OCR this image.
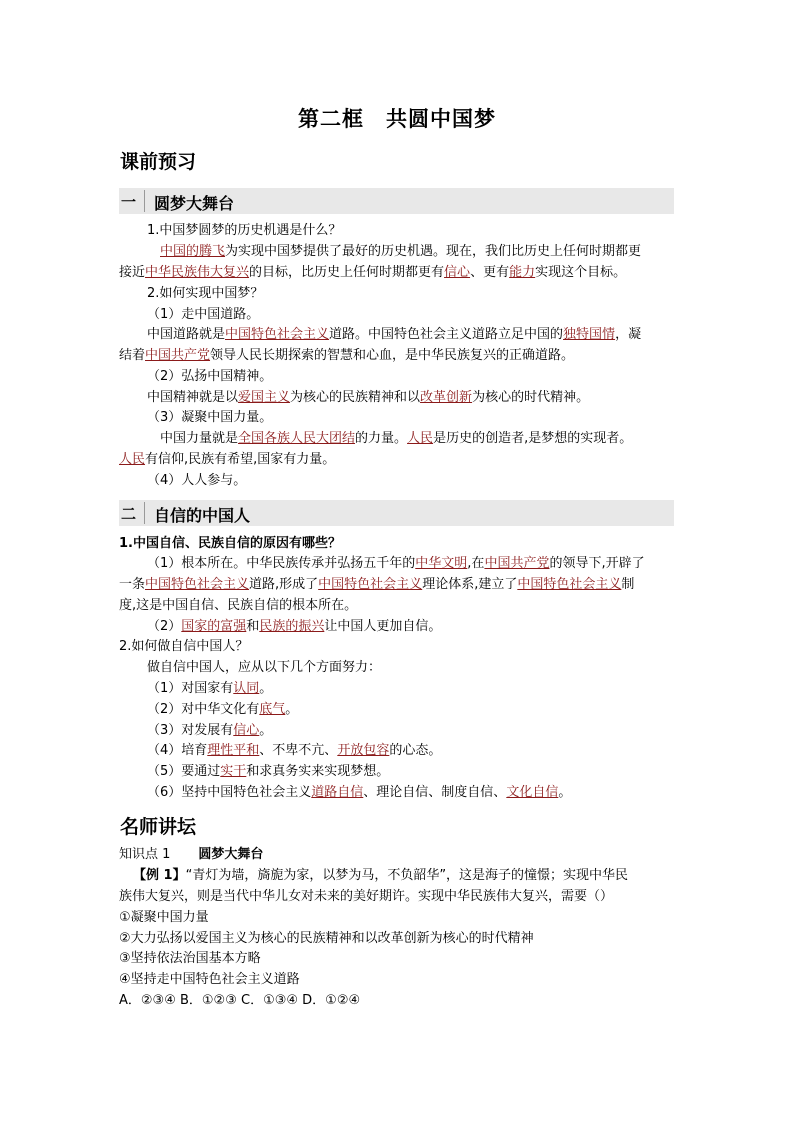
第二框　共圆中国梦
课前预习
一 圆梦大舞台
1.中国梦圆梦的历史机遇是什么？
中国的腾飞为实现中国梦提供了最好的历史机遇。现在，我们比历史上任何时期都更
接近中华民族伟大复兴的目标，比历史上任何时期都更有信心、更有能力实现这个目标。
2.如何实现中国梦？
（1）走中国道路。
中国道路就是中国特色社会主义道路。中国特色社会主义道路立足中国的独特国情，凝
结着中国共产党领导人民长期探索的智慧和心血，是中华民族复兴的正确道路。
（2）弘扬中国精神。
中国精神就是以爱国主义为核心的民族精神和以改革创新为核心的时代精神。
（3）凝聚中国力量。
中国力量就是全国各族人民大团结的力量。人民是历史的创造者,是梦想的实现者。
人民有信仰,民族有希望,国家有力量。
（4）人人参与。
二 自信的中国人
1.中国自信、民族自信的原因有哪些？
（1）根本所在。中华民族传承并弘扬五千年的中华文明,在中国共产党的领导下,开辟了
一条中国特色社会主义道路,形成了中国特色社会主义理论体系,建立了中国特色社会主义制
度,这是中国自信、民族自信的根本所在。
（2）国家的富强和民族的振兴让中国人更加自信。
2.如何做自信中国人？
做自信中国人，应从以下几个方面努力：
（1）对国家有认同。
（2）对中华文化有底气。
（3）对发展有信心。
（4）培育理性平和、不卑不亢、开放包容的心态。
（5）要通过实干和求真务实来实现梦想。
（6）坚持中国特色社会主义道路自信、理论自信、制度自信、文化自信。
名师讲坛
知识点 1 圆梦大舞台
【例 1】“青灯为墙，旖旎为家，以梦为马，不负韶华”，这是海子的憧憬；实现中华民
族伟大复兴，则是当代中华儿女对未来的美好期许。实现中华民族伟大复兴，需要（）
①凝聚中国力量
②大力弘扬以爱国主义为核心的民族精神和以改革创新为核心的时代精神
③坚持依法治国基本方略
④坚持走中国特色社会主义道路
A．②③④ B．①②③ C．①③④ D．①②④
